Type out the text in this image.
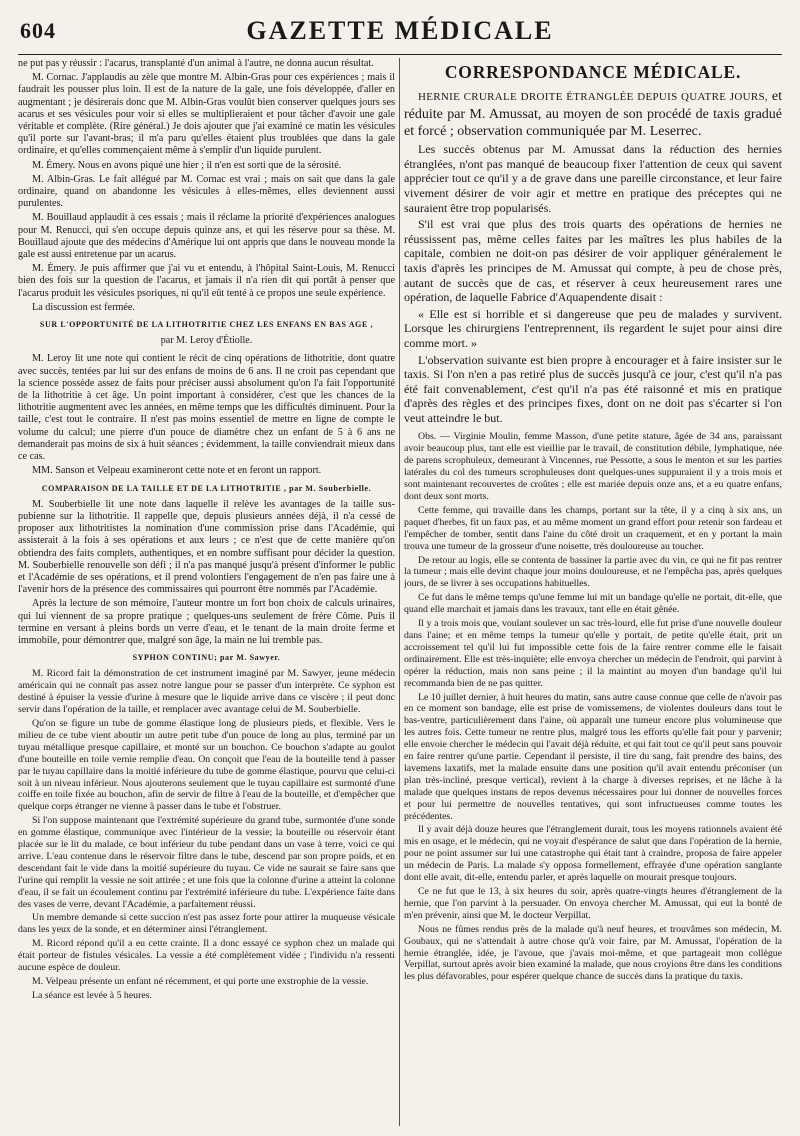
604	GAZETTE MÉDICALE

ne put pas y réussir : l'acarus, transplanté d'un animal à l'autre, ne donna aucun résultat.

M. Cornac. J'applaudis au zèle que montre M. Albin-Gras pour ces expériences ; mais il faudrait les pousser plus loin. Il est de la nature de la gale, une fois développée, d'aller en augmentant ; je désirerais donc que M. Albin-Gras voulût bien conserver quelques jours ses acarus et ses vésicules pour voir si elles se multiplieraient et pour tâcher d'avoir une gale véritable et complète. (Rire général.) Je dois ajouter que j'ai examiné ce matin les vésicules qu'il porte sur l'avant-bras; il m'a paru qu'elles étaient plus troublées que dans la gale ordinaire, et qu'elles commençaient même à s'emplir d'un liquide purulent.

M. Émery. Nous en avons piqué une hier ; il n'en est sorti que de la sérosité.

M. Albin-Gras. Le fait allégué par M. Cornac est vrai ; mais on sait que dans la gale ordinaire, quand on abandonne les vésicules à elles-mêmes, elles deviennent aussi purulentes.

M. Bouillaud applaudit à ces essais ; mais il réclame la priorité d'expériences analogues pour M. Renucci, qui s'en occupe depuis quinze ans, et qui les réserve pour sa thèse. M. Bouillaud ajoute que des médecins d'Amérique lui ont appris que dans le nouveau monde la gale est aussi entretenue par un acarus.

M. Émery. Je puis affirmer que j'ai vu et entendu, à l'hôpital Saint-Louis, M. Renucci bien des fois sur la question de l'acarus, et jamais il n'a rien dit qui portât à penser que l'acarus produit les vésicules psoriques, ni qu'il eût tenté à ce propos une seule expérience.

La discussion est fermée.

SUR L'OPPORTUNITÉ DE LA LITHOTRITIE CHEZ LES ENFANS EN BAS AGE ,
par M. Leroy d'Étiolle.

M. Leroy lit une note qui contient le récit de cinq opérations de lithotritie, dont quatre avec succès, tentées par lui sur des enfans de moins de 6 ans. Il ne croit pas cependant que la science possède assez de faits pour préciser aussi absolument qu'on l'a fait l'opportunité de la lithotritie à cet âge. Un point important à considérer, c'est que les chances de la lithotritie augmentent avec les années, en même temps que les difficultés diminuent. Pour la taille, c'est tout le contraire. Il n'est pas moins essentiel de mettre en ligne de compte le volume du calcul; une pierre d'un pouce de diamètre chez un enfant de 5 à 6 ans ne demanderait pas moins de six à huit séances ; évidemment, la taille conviendrait mieux dans ce cas.

MM. Sanson et Velpeau examineront cette note et en feront un rapport.

COMPARAISON DE LA TAILLE ET DE LA LITHOTRITIE , par M. Souberbielle.

M. Souberbielle lit une note dans laquelle il relève les avantages de la taille sus-pubienne sur la lithotritie. Il rappelle que, depuis plusieurs années déjà, il n'a cessé de proposer aux lithotritistes la nomination d'une commission prise dans l'Académie, qui assisterait à la fois à ses opérations et aux leurs ; ce n'est que de cette manière qu'on obtiendra des faits complets, authentiques, et en nombre suffisant pour décider la question. M. Souberbielle renouvelle son défi ; il n'a pas manqué jusqu'à présent d'informer le public et l'Académie de ses opérations, et il prend volontiers l'engagement de n'en pas faire une à l'avenir hors de la présence des commissaires qui pourront être nommés par l'Académie.

Après la lecture de son mémoire, l'auteur montre un fort bon choix de calculs urinaires, qui lui viennent de sa propre pratique ; quelques-uns seulement de frère Côme. Puis il termine en versant à pleins bords un verre d'eau, et le tenant de la main droite ferme et immobile, pour démontrer que, malgré son âge, la main ne lui tremble pas.

SYPHON CONTINU; par M. Sawyer.

M. Ricord fait la démonstration de cet instrument imaginé par M. Sawyer, jeune médecin américain qui ne connaît pas assez notre langue pour se passer d'un interprète. Ce syphon est destiné à épuiser la vessie d'urine à mesure que le liquide arrive dans ce viscère ; il peut donc servir dans l'opération de la taille, et remplacer avec avantage celui de M. Souberbielle.

Qu'on se figure un tube de gomme élastique long de plusieurs pieds, et flexible. Vers le milieu de ce tube vient aboutir un autre petit tube d'un pouce de long au plus, terminé par un tuyau métallique presque capillaire, et monté sur un bouchon. Ce bouchon s'adapte au goulot d'une bouteille en toile vernie remplie d'eau. On conçoit que l'eau de la bouteille tend à passer par le tuyau capillaire dans la moitié inférieure du tube de gomme élastique, pourvu que celui-ci soit à un niveau inférieur. Nous ajouterons seulement que le tuyau capillaire est surmonté d'une coiffe en toile fixée au bouchon, afin de servir de filtre à l'eau de la bouteille, et d'empêcher que quelque corps étranger ne vienne à passer dans le tube et l'obstruer.

Si l'on suppose maintenant que l'extrémité supérieure du grand tube, surmontée d'une sonde en gomme élastique, communique avec l'intérieur de la vessie; la bouteille ou réservoir étant placée sur le lit du malade, ce bout inférieur du tube pendant dans un vase à terre, voici ce qui arrive. L'eau contenue dans le réservoir filtre dans le tube, descend par son propre poids, et en descendant fait le vide dans la moitié supérieure du tuyau. Ce vide ne saurait se faire sans que l'urine qui remplit la vessie ne soit attirée ; et une fois que la colonne d'urine a atteint la colonne d'eau, il se fait un écoulement continu par l'extrémité inférieure du tube. L'expérience faite dans des vases de verre, devant l'Académie, a parfaitement réussi.

Un membre demande si cette succion n'est pas assez forte pour attirer la muqueuse vésicale dans les yeux de la sonde, et en déterminer ainsi l'étranglement.

M. Ricord répond qu'il a eu cette crainte. Il a donc essayé ce syphon chez un malade qui était porteur de fistules vésicales. La vessie a été complètement vidée ; l'individu n'a ressenti aucune espèce de douleur.

M. Velpeau présente un enfant né récemment, et qui porte une exstrophie de la vessie.

La séance est levée à 5 heures.

CORRESPONDANCE MÉDICALE.

HERNIE CRURALE DROITE ÉTRANGLÉE DEPUIS QUATRE JOURS, et réduite par M. Amussat, au moyen de son procédé de taxis gradué et forcé ; observation communiquée par M. Leserrec.

Les succès obtenus par M. Amussat dans la réduction des hernies étranglées, n'ont pas manqué de beaucoup fixer l'attention de ceux qui savent apprécier tout ce qu'il y a de grave dans une pareille circonstance, et leur faire vivement désirer de voir agir et mettre en pratique des préceptes qui ne sauraient être trop popularisés.

S'il est vrai que plus des trois quarts des opérations de hernies ne réussissent pas, même celles faites par les maîtres les plus habiles de la capitale, combien ne doit-on pas désirer de voir appliquer généralement le taxis d'après les principes de M. Amussat qui compte, à peu de chose près, autant de succès que de cas, et réserver à ceux heureusement rares une opération, de laquelle Fabrice d'Aquapendente disait :

« Elle est si horrible et si dangereuse que peu de malades y survivent. Lorsque les chirurgiens l'entreprennent, ils regardent le sujet pour ainsi dire comme mort. »

L'observation suivante est bien propre à encourager et à faire insister sur le taxis. Si l'on n'en a pas retiré plus de succès jusqu'à ce jour, c'est qu'il n'a pas été fait convenablement, c'est qu'il n'a pas été raisonné et mis en pratique d'après des règles et des principes fixes, dont on ne doit pas s'écarter si l'on veut atteindre le but.

Obs. — Virginie Moulin, femme Masson, d'une petite stature, âgée de 34 ans, paraissant avoir beaucoup plus, tant elle est vieillie par le travail, de constitution débile, lymphatique, née de parens scrophuleux, demeurant à Vincennes, rue Pessotte, a sous le menton et sur les parties latérales du col des tumeurs scrophuleuses dont quelques-unes suppuraient il y a trois mois et sont maintenant recouvertes de croûtes ; elle est mariée depuis onze ans, et a eu quatre enfans, dont deux sont morts.

Cette femme, qui travaille dans les champs, portant sur la tête, il y a cinq à six ans, un paquet d'herbes, fit un faux pas, et au même moment un grand effort pour retenir son fardeau et l'empêcher de tomber, sentit dans l'aine du côté droit un craquement, et en y portant la main trouva une tumeur de la grosseur d'une noisette, très douloureuse au toucher.

De retour au logis, elle se contenta de bassiner la partie avec du vin, ce qui ne fit pas rentrer la tumeur ; mais elle devint chaque jour moins douloureuse, et ne l'empêcha pas, après quelques jours, de se livrer à ses occupations habituelles.

Ce fut dans le même temps qu'une femme lui mit un bandage qu'elle ne portait, dit-elle, que quand elle marchait et jamais dans les travaux, tant elle en était gênée.

Il y a trois mois que, voulant soulever un sac très-lourd, elle fut prise d'une nouvelle douleur dans l'aine; et en même temps la tumeur qu'elle y portait, de petite qu'elle était, prit un accroissement tel qu'il lui fut impossible cette fois de la faire rentrer comme elle le faisait ordinairement. Elle est très-inquiète; elle envoya chercher un médecin de l'endroit, qui parvint à opérer la réduction, mais non sans peine ; il la maintint au moyen d'un bandage qu'il lui recommanda bien de ne pas quitter.

Le 10 juillet dernier, à huit heures du matin, sans autre cause connue que celle de n'avoir pas en ce moment son bandage, elle est prise de vomissemens, de violentes douleurs dans tout le bas-ventre, particulièrement dans l'aine, où apparaît une tumeur encore plus volumineuse que les autres fois. Cette tumeur ne rentre plus, malgré tous les efforts qu'elle fait pour y parvenir; elle envoie chercher le médecin qui l'avait déjà réduite, et qui fait tout ce qu'il peut sans pouvoir en faire rentrer qu'une partie. Cependant il persiste, il tire du sang, fait prendre des bains, des lavemens laxatifs, met la malade ensuite dans une position qu'il avait entendu préconiser (un plan très-incliné, presque vertical), revient à la charge à diverses reprises, et ne lâche à la malade que quelques instans de repos devenus nécessaires pour lui donner de nouvelles forces et pour lui permettre de nouvelles tentatives, qui sont infructueuses comme toutes les précédentes.

Il y avait déjà douze heures que l'étranglement durait, tous les moyens rationnels avaient été mis en usage, et le médecin, qui ne voyait d'espérance de salut que dans l'opération de la hernie, pour ne point assumer sur lui une catastrophe qui était tant à craindre, proposa de faire appeler un médecin de Paris. La malade s'y opposa formellement, effrayée d'une opération sanglante dont elle avait, dit-elle, entendu parler, et après laquelle on mourait presque toujours.

Ce ne fut que le 13, à six heures du soir, après quatre-vingts heures d'étranglement de la hernie, que l'on parvint à la persuader. On envoya chercher M. Amussat, qui eut la bonté de m'en prévenir, ainsi que M. le docteur Verpillat.

Nous ne fûmes rendus près de la malade qu'à neuf heures, et trouvâmes son médecin, M. Goubaux, qui ne s'attendait à autre chose qu'à voir faire, par M. Amussat, l'opération de la hernie étranglée, idée, je l'avoue, que j'avais moi-même, et que partageait mon collègue Verpillat, surtout après avoir bien examiné la malade, que nous croyions être dans les conditions les plus défavorables, pour espérer quelque chance de succès dans la pratique du taxis.
